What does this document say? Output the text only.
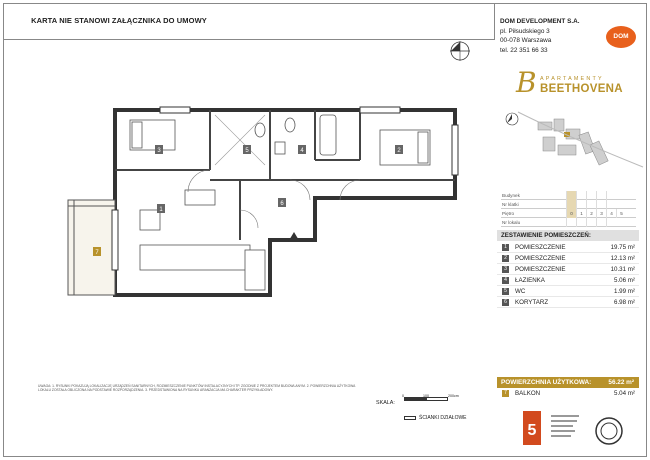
KARTA NIE STANOWI ZAŁĄCZNIKA DO UMOWY
3	5	4	2
1
6
7
DOM DEVELOPMENT S.A.
pl. Piłsudskiego 3
00-078 Warszawa
tel. 22 351 66 33
DOM
B APARTAMENTY
BEETHOVENA
Budynek
Nr klatki
Piętro	0	1	2	3	4	5
Nr lokalu
ZESTAWIENIE POMIESZCZEŃ:
1	POMIESZCZENIE	19.75 m²
2	POMIESZCZENIE	12.13 m²
3	POMIESZCZENIE	10.31 m²
4	ŁAZIENKA	5.06 m²
5	WC	1.99 m²
6	KORYTARZ	6.98 m²
POWIERZCHNIA UŻYTKOWA:	56.22 m²
7	BALKON	5.04 m²
UWAGA: 1. RYSUNKI POKAZUJĄ LOKALIZACJĘ URZĄDZEŃ SANITARNYCH, ROZMIESZCZENIE PUNKTÓW INSTALACYJNYCH ITP. ZGODNIE Z PROJEKTEM BUDOWLANYM. 2. POWIERZCHNIA UŻYTKOWA LOKALU ZOSTAŁA OBLICZONA NA PODSTAWIE ROZPORZĄDZENIA. 3. PRZEDSTAWIONA NA RYSUNKU ARANŻACJA MA CHARAKTER PRZYKŁADOWY.
SKALA:
0	100	200cm
ŚCIANKI DZIAŁOWE
5
